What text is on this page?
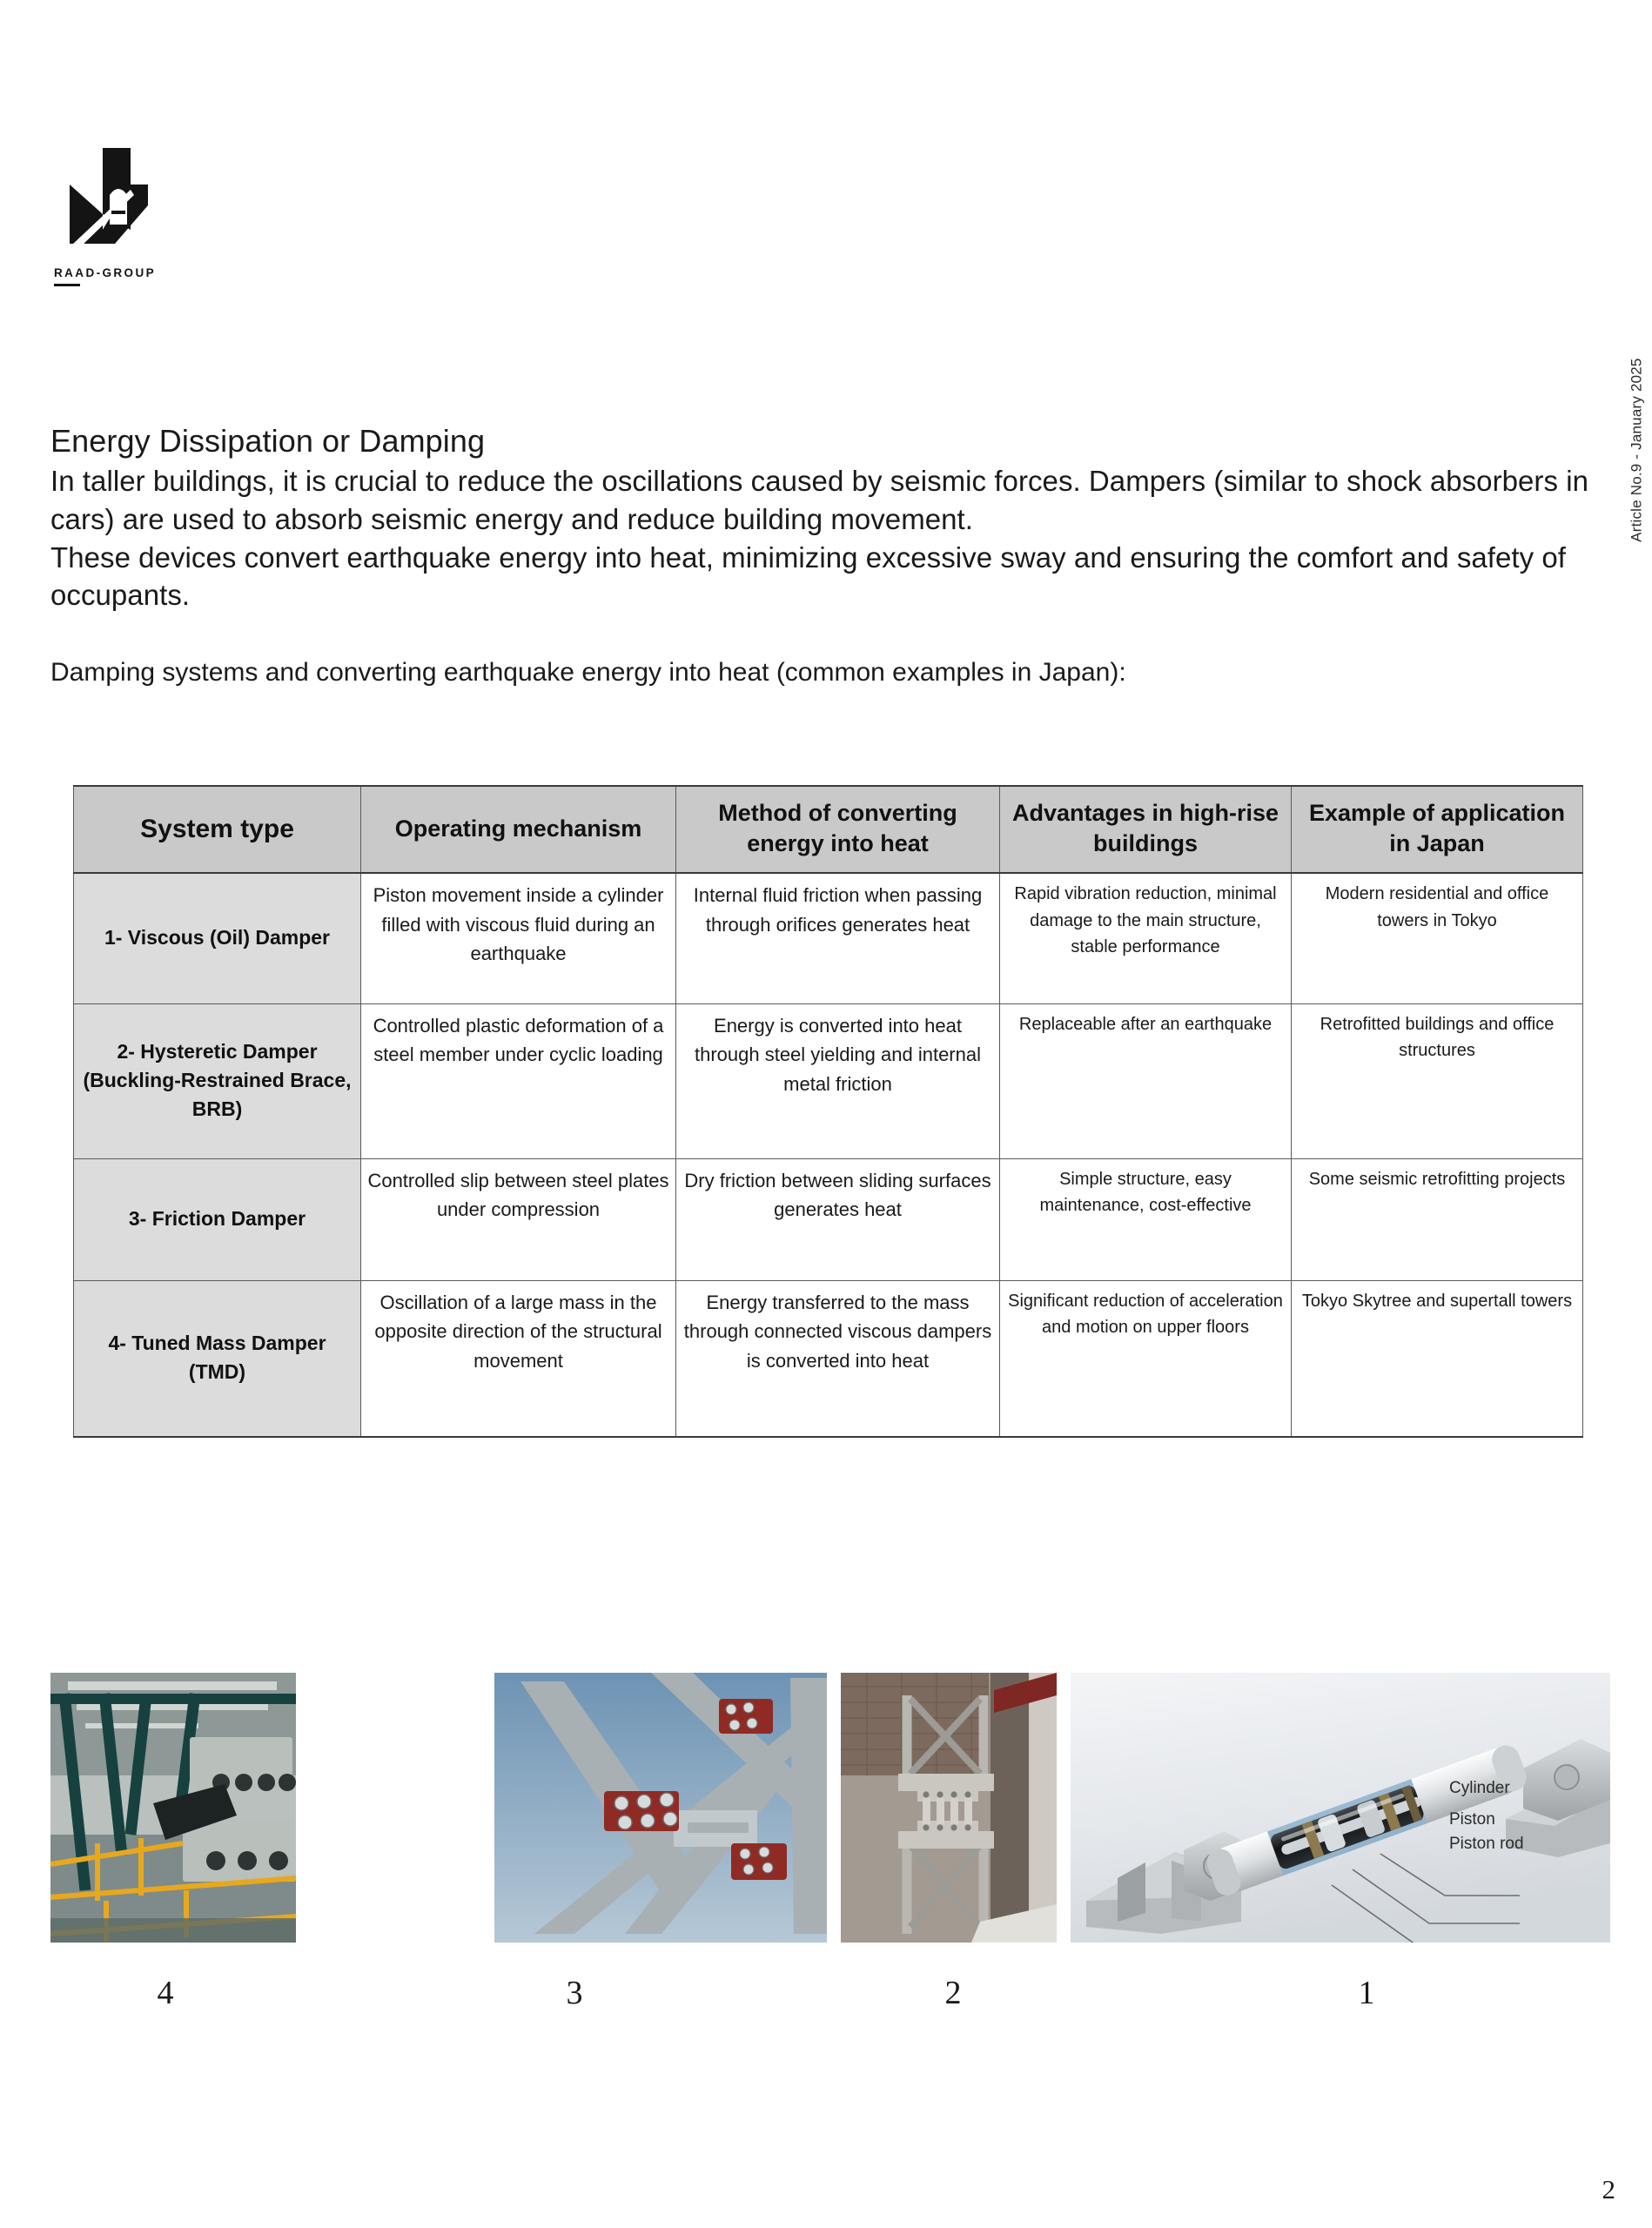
RAAD-GROUP
Article No.9 - January 2025
Energy Dissipation or Damping

In taller buildings, it is crucial to reduce the oscillations caused by seismic forces. Dampers (similar to shock absorbers in cars) are used to absorb seismic energy and reduce building movement.

These devices convert earthquake energy into heat, minimizing excessive sway and ensuring the comfort and safety of occupants.

Damping systems and converting earthquake energy into heat (common examples in Japan):

System type	Operating mechanism	Method of converting energy into heat	Advantages in high-rise buildings	Example of application in Japan
1- Viscous (Oil) Damper	Piston movement inside a cylinder filled with viscous fluid during an earthquake	Internal fluid friction when passing through orifices generates heat	Rapid vibration reduction, minimal damage to the main structure, stable performance	Modern residential and office towers in Tokyo
2- Hysteretic Damper (Buckling-Restrained Brace, BRB)	Controlled plastic deformation of a steel member under cyclic loading	Energy is converted into heat through steel yielding and internal metal friction	Replaceable after an earthquake	Retrofitted buildings and office structures
3- Friction Damper	Controlled slip between steel plates under compression	Dry friction between sliding surfaces generates heat	Simple structure, easy maintenance, cost-effective	Some seismic retrofitting projects
4- Tuned Mass Damper (TMD)	Oscillation of a large mass in the opposite direction of the structural movement	Energy transferred to the mass through connected viscous dampers is converted into heat	Significant reduction of acceleration and motion on upper floors	Tokyo Skytree and supertall towers
Cylinder
Piston
Piston rod
4	3	2	1
2
